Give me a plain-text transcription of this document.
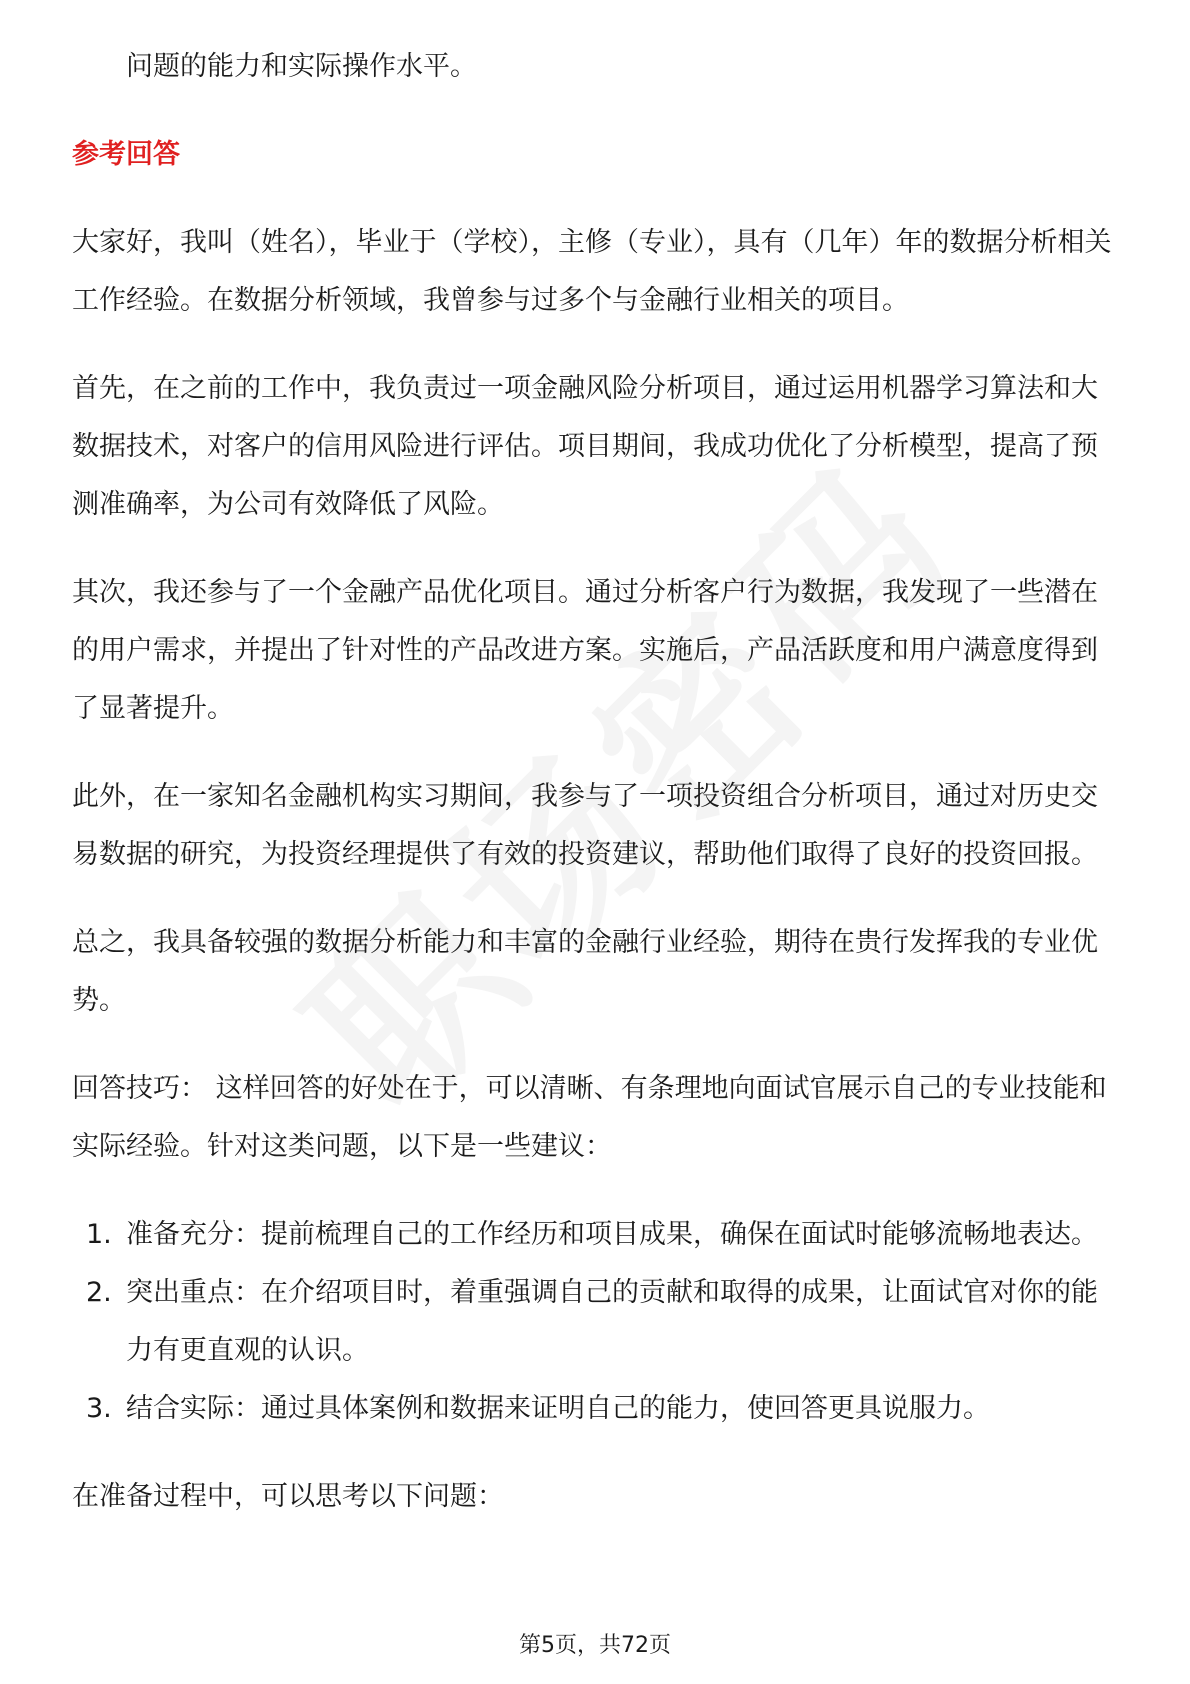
问题的能力和实际操作水平。

参考回答

大家好，我叫（姓名），毕业于（学校），主修（专业），具有（几年）年的数据分析相关工作经验。在数据分析领域，我曾参与过多个与金融行业相关的项目。

首先，在之前的工作中，我负责过一项金融风险分析项目，通过运用机器学习算法和大数据技术，对客户的信用风险进行评估。项目期间，我成功优化了分析模型，提高了预测准确率，为公司有效降低了风险。

其次，我还参与了一个金融产品优化项目。通过分析客户行为数据，我发现了一些潜在的用户需求，并提出了针对性的产品改进方案。实施后，产品活跃度和用户满意度得到了显著提升。

此外，在一家知名金融机构实习期间，我参与了一项投资组合分析项目，通过对历史交易数据的研究，为投资经理提供了有效的投资建议，帮助他们取得了良好的投资回报。

总之，我具备较强的数据分析能力和丰富的金融行业经验，期待在贵行发挥我的专业优势。

回答技巧： 这样回答的好处在于，可以清晰、有条理地向面试官展示自己的专业技能和实际经验。针对这类问题，以下是一些建议：

1. 准备充分：提前梳理自己的工作经历和项目成果，确保在面试时能够流畅地表达。
2. 突出重点：在介绍项目时，着重强调自己的贡献和取得的成果，让面试官对你的能力有更直观的认识。
3. 结合实际：通过具体案例和数据来证明自己的能力，使回答更具说服力。

在准备过程中，可以思考以下问题：

第5页，共72页
